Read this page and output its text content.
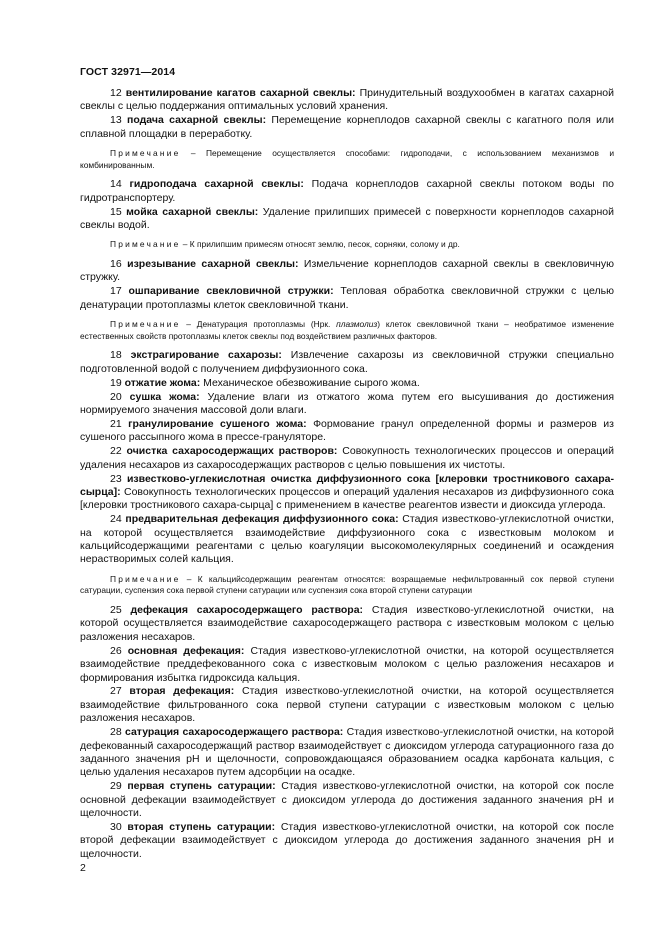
ГОСТ 32971—2014

12 вентилирование кагатов сахарной свеклы: Принудительный воздухообмен в кагатах сахарной свеклы с целью поддержания оптимальных условий хранения.

13 подача сахарной свеклы: Перемещение корнеплодов сахарной свеклы с кагатного поля или сплавной площадки в переработку.

Примечание – Перемещение осуществляется способами: гидроподачи, с использованием механизмов и комбинированным.

14 гидроподача сахарной свеклы: Подача корнеплодов сахарной свеклы потоком воды по гидротранспортеру.

15 мойка сахарной свеклы: Удаление прилипших примесей с поверхности корнеплодов сахарной свеклы водой.

Примечание – К прилипшим примесям относят землю, песок, сорняки, солому и др.

16 изрезывание сахарной свеклы: Измельчение корнеплодов сахарной свеклы в свекловичную стружку.

17 ошпаривание свекловичной стружки: Тепловая обработка свекловичной стружки с целью денатурации протоплазмы клеток свекловичной ткани.

Примечание – Денатурация протоплазмы (Нрк. плазмолиз) клеток свекловичной ткани – необратимое изменение естественных свойств протоплазмы клеток свеклы под воздействием различных факторов.

18 экстрагирование сахарозы: Извлечение сахарозы из свекловичной стружки специально подготовленной водой с получением диффузионного сока.

19 отжатие жома: Механическое обезвоживание сырого жома.

20 сушка жома: Удаление влаги из отжатого жома путем его высушивания до достижения нормируемого значения массовой доли влаги.

21 гранулирование сушеного жома: Формование гранул определенной формы и размеров из сушеного рассыпного жома в прессе-грануляторе.

22 очистка сахаросодержащих растворов: Совокупность технологических процессов и операций удаления несахаров из сахаросодержащих растворов с целью повышения их чистоты.

23 известково-углекислотная очистка диффузионного сока [клеровки тростникового сахара-сырца]: Совокупность технологических процессов и операций удаления несахаров из диффузионного сока [клеровки тростникового сахара-сырца] с применением в качестве реагентов извести и диоксида углерода.

24 предварительная дефекация диффузионного сока: Стадия известково-углекислотной очистки, на которой осуществляется взаимодействие диффузионного сока с известковым молоком и кальцийсодержащими реагентами с целью коагуляции высокомолекулярных соединений и осаждения нерастворимых солей кальция.

Примечание – К кальцийсодержащим реагентам относятся: возращаемые нефильтрованный сок первой ступени сатурации, суспензия сока первой ступени сатурации или суспензия сока второй ступени сатурации

25 дефекация сахаросодержащего раствора: Стадия известково-углекислотной очистки, на которой осуществляется взаимодействие сахаросодержащего раствора с известковым молоком с целью разложения несахаров.

26 основная дефекация: Стадия известково-углекислотной очистки, на которой осуществляется взаимодействие преддефекованного сока с известковым молоком с целью разложения несахаров и формирования избытка гидроксида кальция.

27 вторая дефекация: Стадия известково-углекислотной очистки, на которой осуществляется взаимодействие фильтрованного сока первой ступени сатурации с известковым молоком с целью разложения несахаров.

28 сатурация сахаросодержащего раствора: Стадия известково-углекислотной очистки, на которой дефекованный сахаросодержащий раствор взаимодействует с диоксидом углерода сатурационного газа до заданного значения pH и щелочности, сопровождающаяся образованием осадка карбоната кальция, с целью удаления несахаров путем адсорбции на осадке.

29 первая ступень сатурации: Стадия известково-углекислотной очистки, на которой сок после основной дефекации взаимодействует с диоксидом углерода до достижения заданного значения pH и щелочности.

30 вторая ступень сатурации: Стадия известково-углекислотной очистки, на которой сок после второй дефекации взаимодействует с диоксидом углерода до достижения заданного значения pH и щелочности.

2
